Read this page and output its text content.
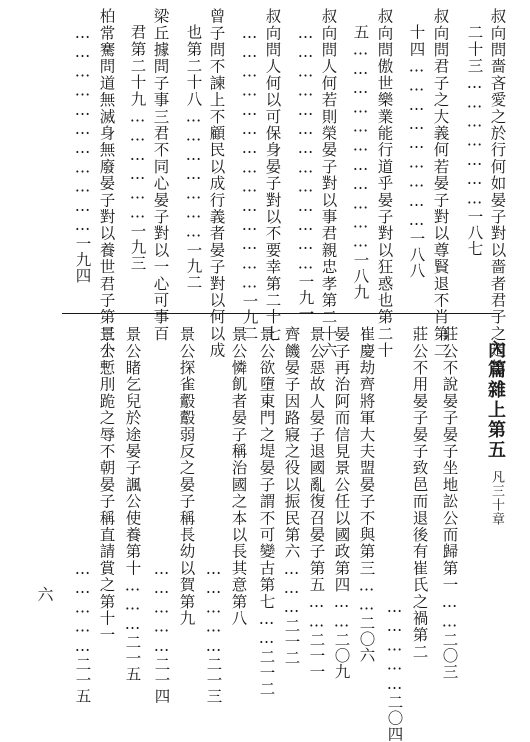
叔向問嗇吝愛之於行何如晏子對以嗇者君子之道第
二十三…………………一八七
叔向問君子之大義何若晏子對以尊賢退不肖第二
十四………………………一八八
叔向問傲世樂業能行道乎晏子對以狂惑也第二十
五……………………………一八九
叔向問人何若則榮晏子對以事君親忠孝第二十六
…………………………………一九一
叔向問人何以可保身晏子對以不要幸第二十七
……………………………………一九二
曾子問不諫上不顧民以成行義者晏子對以何以成
也第二十八…………………一九二
梁丘據問子事三君不同心晏子對以一心可事百
君第二十九………………一九三
柏常騫問道無滅身無廢晏子對以養世君子第三十
……………………………一九四
內篇雜上第五
凡三十章
莊公不說晏子晏子坐地訟公而歸第一……二〇三
莊公不用晏子晏子致邑而退後有崔氏之禍第二
……………二〇四
崔慶劫齊將軍大夫盟晏子不與第三……二〇六
晏子再治阿而信見景公任以國政第四……二〇九
景公惡故人晏子退國亂復召晏子第五……二一一
齊饑晏子因路寢之役以振民第六………二一二
景公欲墮東門之堤晏子謂不可變古第七……二一二
景公憐飢者晏子稱治國之本以長其意第八
……………二一三
景公探雀鷇鷇弱反之晏子稱長幼以賀第九
……………二一四
景公睹乞兒於途晏子諷公使養第十………二一五
景公慙刖跪之辱不朝晏子稱直請賞之第十一
……………二一五
六
